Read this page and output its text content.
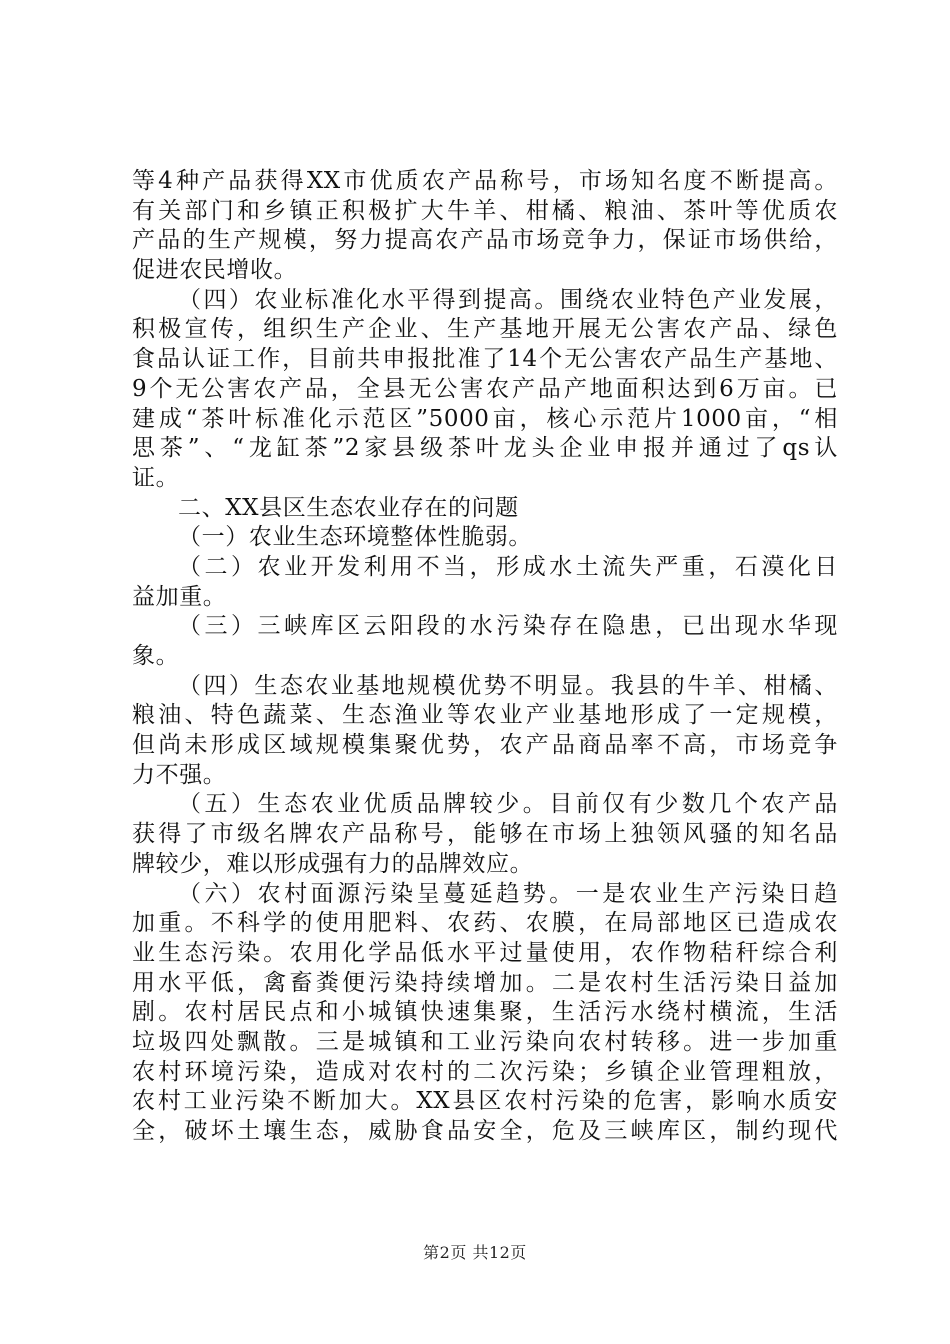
等4种产品获得XX市优质农产品称号，市场知名度不断提高。
有关部门和乡镇正积极扩大牛羊、柑橘、粮油、茶叶等优质农
产品的生产规模，努力提高农产品市场竞争力，保证市场供给，
促进农民增收。
（四）农业标准化水平得到提高。围绕农业特色产业发展，
积极宣传，组织生产企业、生产基地开展无公害农产品、绿色
食品认证工作，目前共申报批准了14个无公害农产品生产基地、
9个无公害农产品，全县无公害农产品产地面积达到6万亩。已
建成“茶叶标准化示范区”5000亩，核心示范片1000亩，“相
思茶”、“龙缸茶”2家县级茶叶龙头企业申报并通过了qs认
证。
二、XX县区生态农业存在的问题
（一）农业生态环境整体性脆弱。
（二）农业开发利用不当，形成水土流失严重，石漠化日
益加重。
（三）三峡库区云阳段的水污染存在隐患，已出现水华现
象。
（四）生态农业基地规模优势不明显。我县的牛羊、柑橘、
粮油、特色蔬菜、生态渔业等农业产业基地形成了一定规模，
但尚未形成区域规模集聚优势，农产品商品率不高，市场竞争
力不强。
（五）生态农业优质品牌较少。目前仅有少数几个农产品
获得了市级名牌农产品称号，能够在市场上独领风骚的知名品
牌较少，难以形成强有力的品牌效应。
（六）农村面源污染呈蔓延趋势。一是农业生产污染日趋
加重。不科学的使用肥料、农药、农膜，在局部地区已造成农
业生态污染。农用化学品低水平过量使用，农作物秸秆综合利
用水平低，禽畜粪便污染持续增加。二是农村生活污染日益加
剧。农村居民点和小城镇快速集聚，生活污水绕村横流，生活
垃圾四处飘散。三是城镇和工业污染向农村转移。进一步加重
农村环境污染，造成对农村的二次污染；乡镇企业管理粗放，
农村工业污染不断加大。XX县区农村污染的危害，影响水质安
全，破坏土壤生态，威胁食品安全，危及三峡库区，制约现代
第2页 共12页
